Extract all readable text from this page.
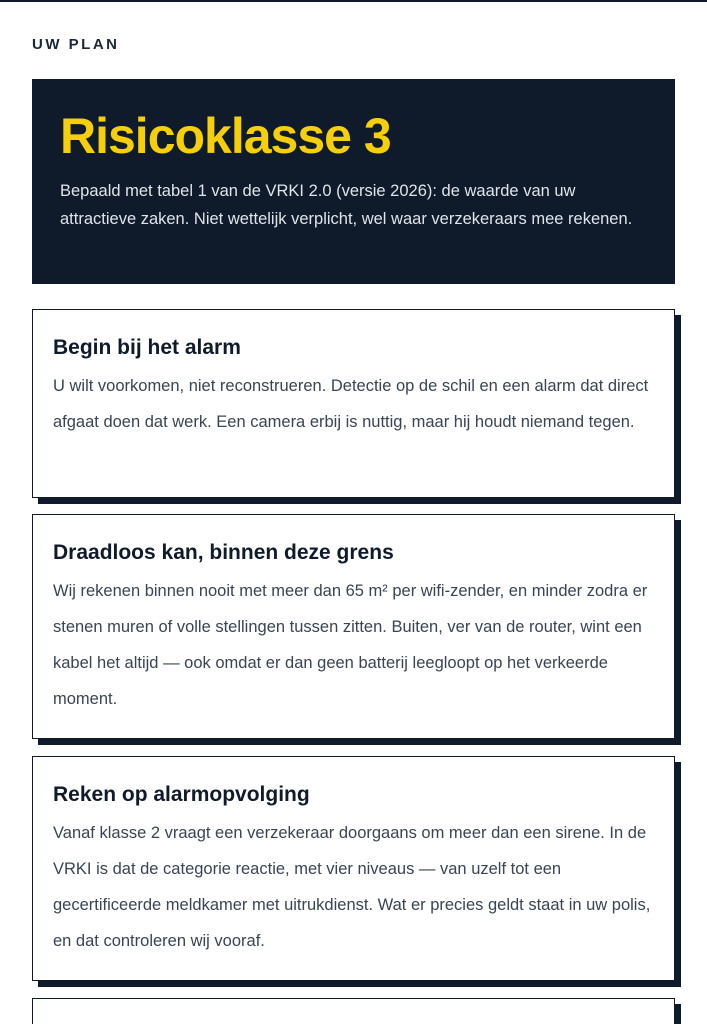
UW PLAN
Risicoklasse 3

Bepaald met tabel 1 van de VRKI 2.0 (versie 2026): de waarde van uw attractieve zaken. Niet wettelijk verplicht, wel waar verzekeraars mee rekenen.

Begin bij het alarm

U wilt voorkomen, niet reconstrueren. Detectie op de schil en een alarm dat direct afgaat doen dat werk. Een camera erbij is nuttig, maar hij houdt niemand tegen.

Draadloos kan, binnen deze grens

Wij rekenen binnen nooit met meer dan 65 m² per wifi-zender, en minder zodra er stenen muren of volle stellingen tussen zitten. Buiten, ver van de router, wint een kabel het altijd — ook omdat er dan geen batterij leegloopt op het verkeerde moment.

Reken op alarmopvolging

Vanaf klasse 2 vraagt een verzekeraar doorgaans om meer dan een sirene. In de VRKI is dat de categorie reactie, met vier niveaus — van uzelf tot een gecertificeerde meldkamer met uitrukdienst. Wat er precies geldt staat in uw polis, en dat controleren wij vooraf.
